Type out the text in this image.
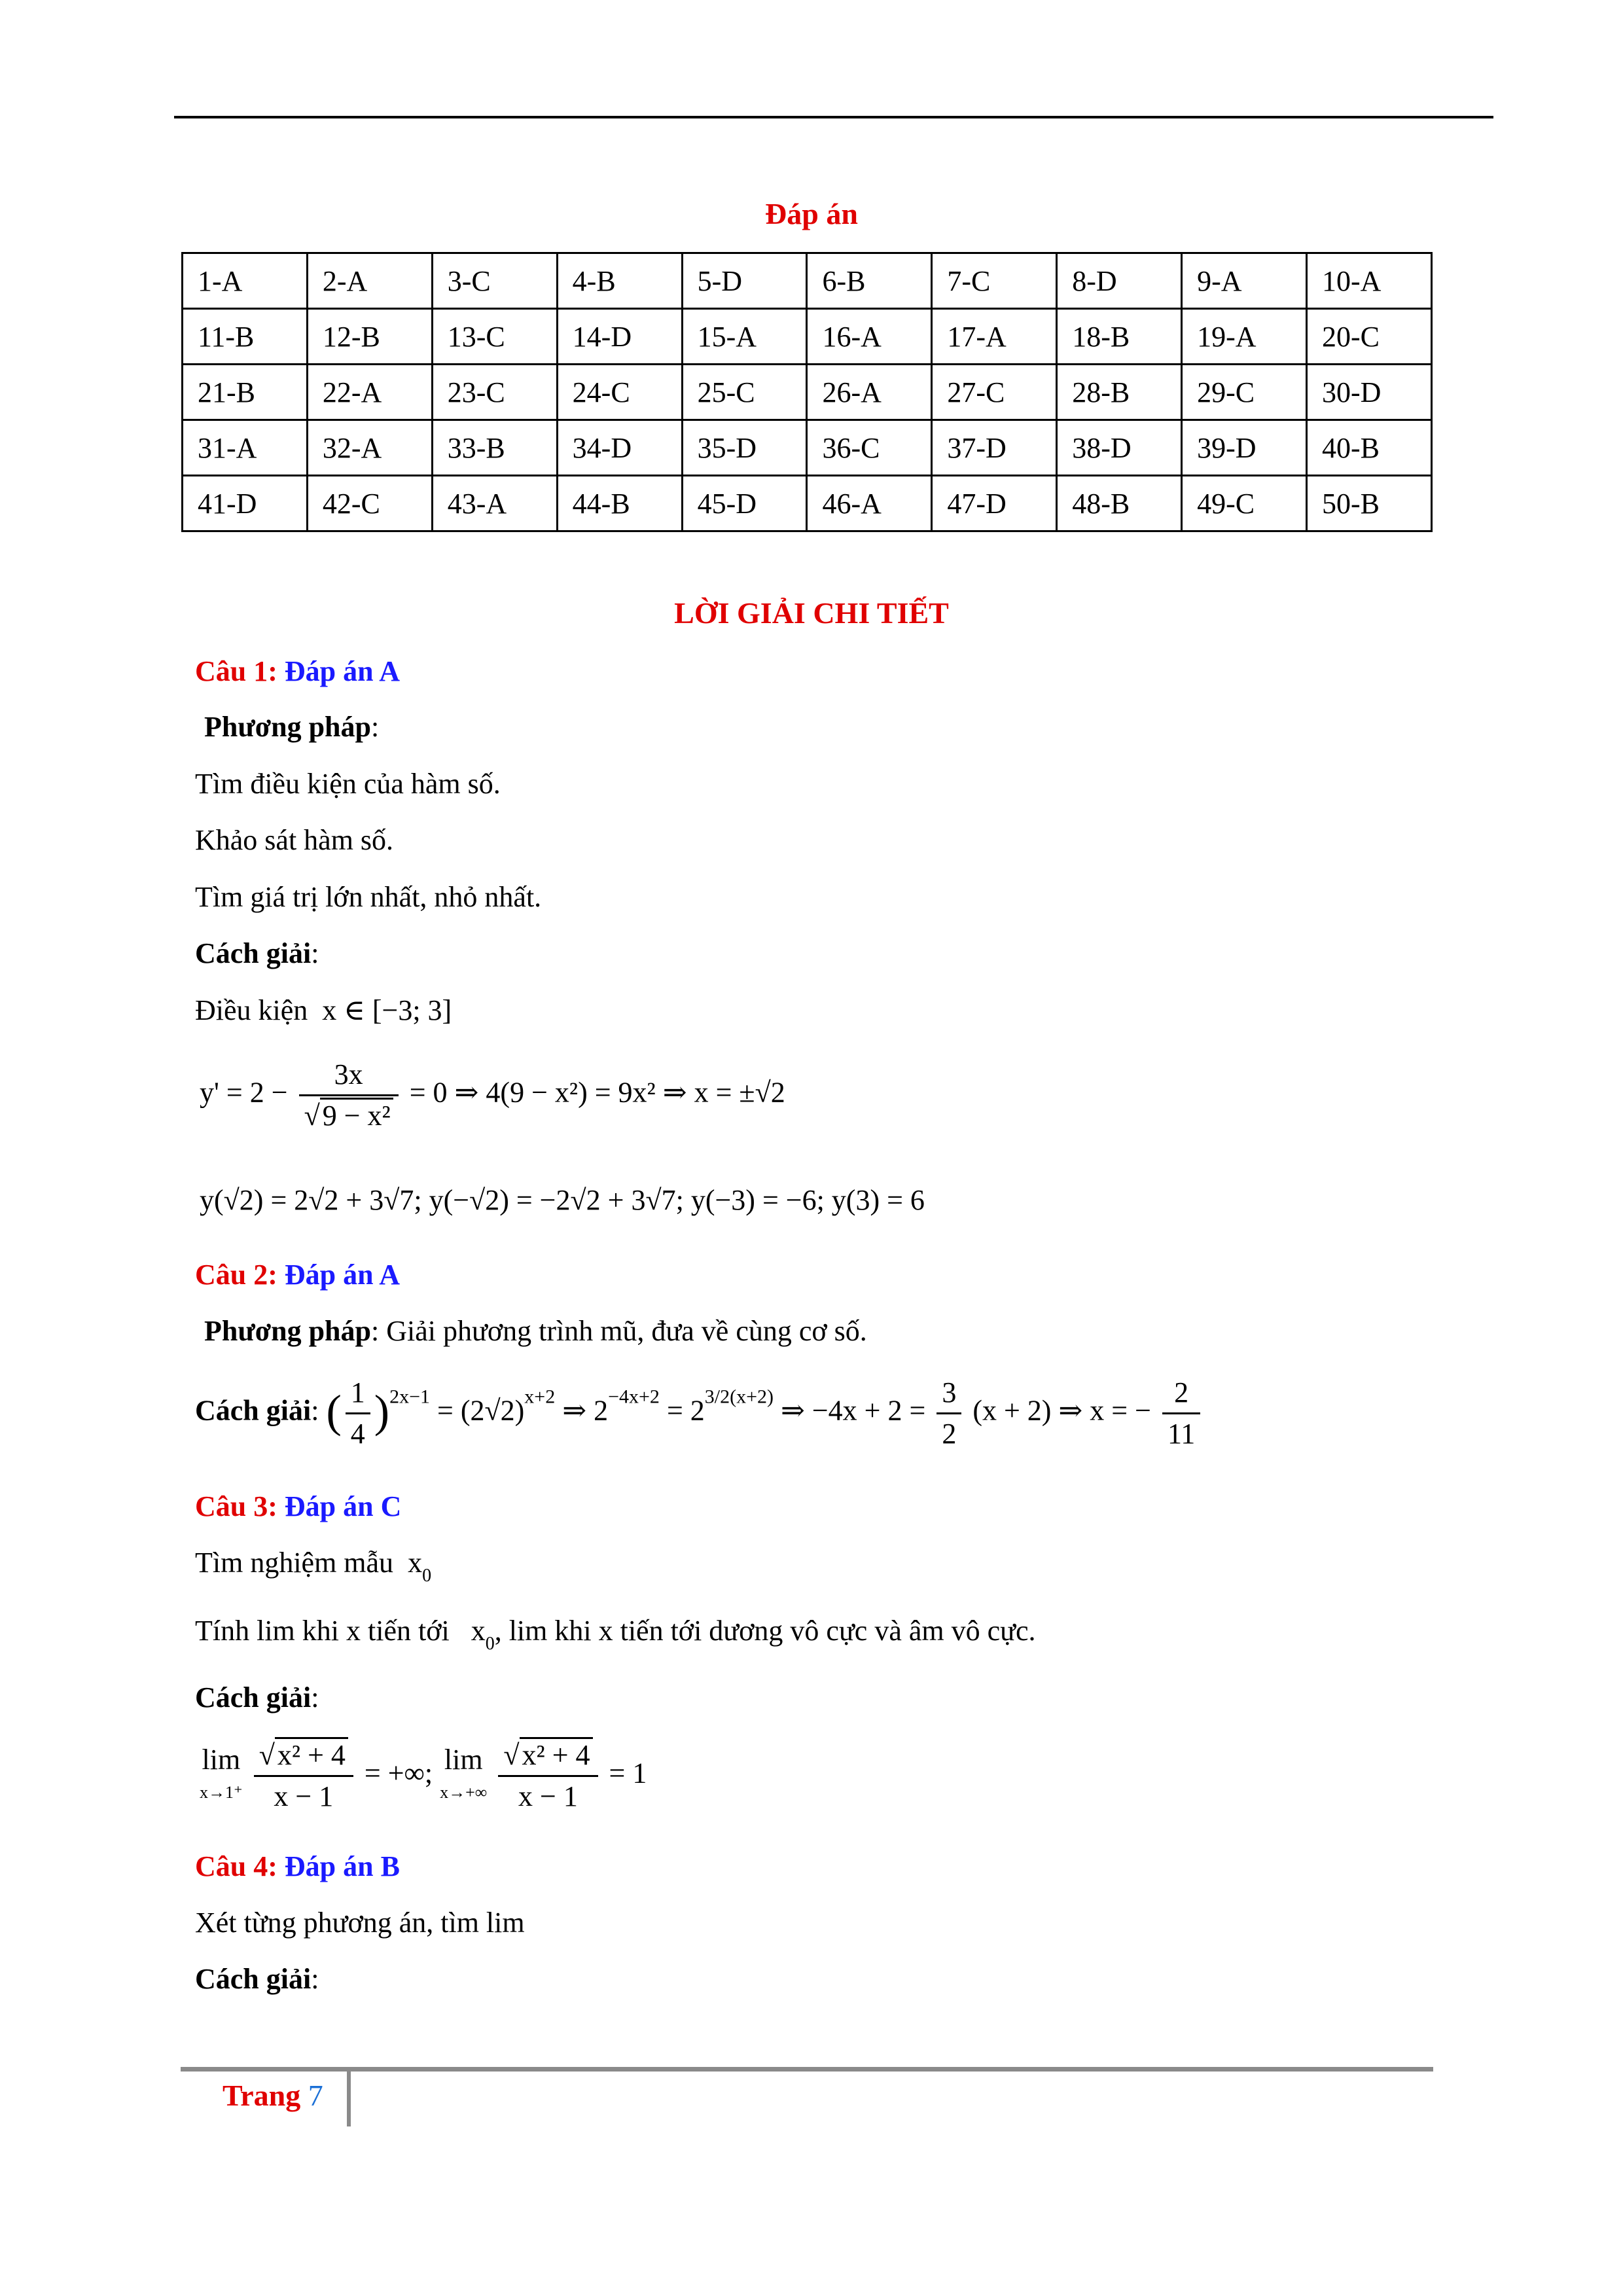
Đáp án
1-A	2-A	3-C	4-B	5-D	6-B	7-C	8-D	9-A	10-A
11-B	12-B	13-C	14-D	15-A	16-A	17-A	18-B	19-A	20-C
21-B	22-A	23-C	24-C	25-C	26-A	27-C	28-B	29-C	30-D
31-A	32-A	33-B	34-D	35-D	36-C	37-D	38-D	39-D	40-B
41-D	42-C	43-A	44-B	45-D	46-A	47-D	48-B	49-C	50-B
LỜI GIẢI CHI TIẾT
Câu 1: Đáp án A
Phương pháp:
Tìm điều kiện của hàm số.
Khảo sát hàm số.
Tìm giá trị lớn nhất, nhỏ nhất.
Cách giải:
Điều kiện x ∈ [−3; 3]
$y' = 2 - \frac{3x}{\text{√9 − x²}} = 0$ ⇒ 4(9 − x²) = 9x² ⇒ x = ±√2
y(√2) = 2√2 + 3√7; y(−√2) = −2√2 + 3√7; y(−3) = −6; y(3) = 6
Câu 2: Đáp án A
Phương pháp: Giải phương trình mũ, đưa về cùng cơ số.
Cách giải: ( $\frac{1}{4} )^{2x-1} = (2√2)^{x+2}$ ⇒ $2^{-4x+2} = 2^{3/2(x+2)}$ ⇒ $-4x + 2 = \frac{3}{2} (x + 2)$ ⇒ x = − $\frac{2}{11}$
Câu 3: Đáp án C
Tìm nghiệm mẫu $x_0$
Tính lim khi x tiến tới $x_0$, lim khi x tiến tới dương vô cực và âm vô cực.
Cách giải:
lim
$x\to 1^+ \frac{\text{√x² + 4}}{x - 1}$ = +∞; lim
$x\to+\infty \frac{\text{√x² + 4}}{x - 1} = 1$
Câu 4: Đáp án B
Xét từng phương án, tìm lim
Cách giải:
Trang 7
